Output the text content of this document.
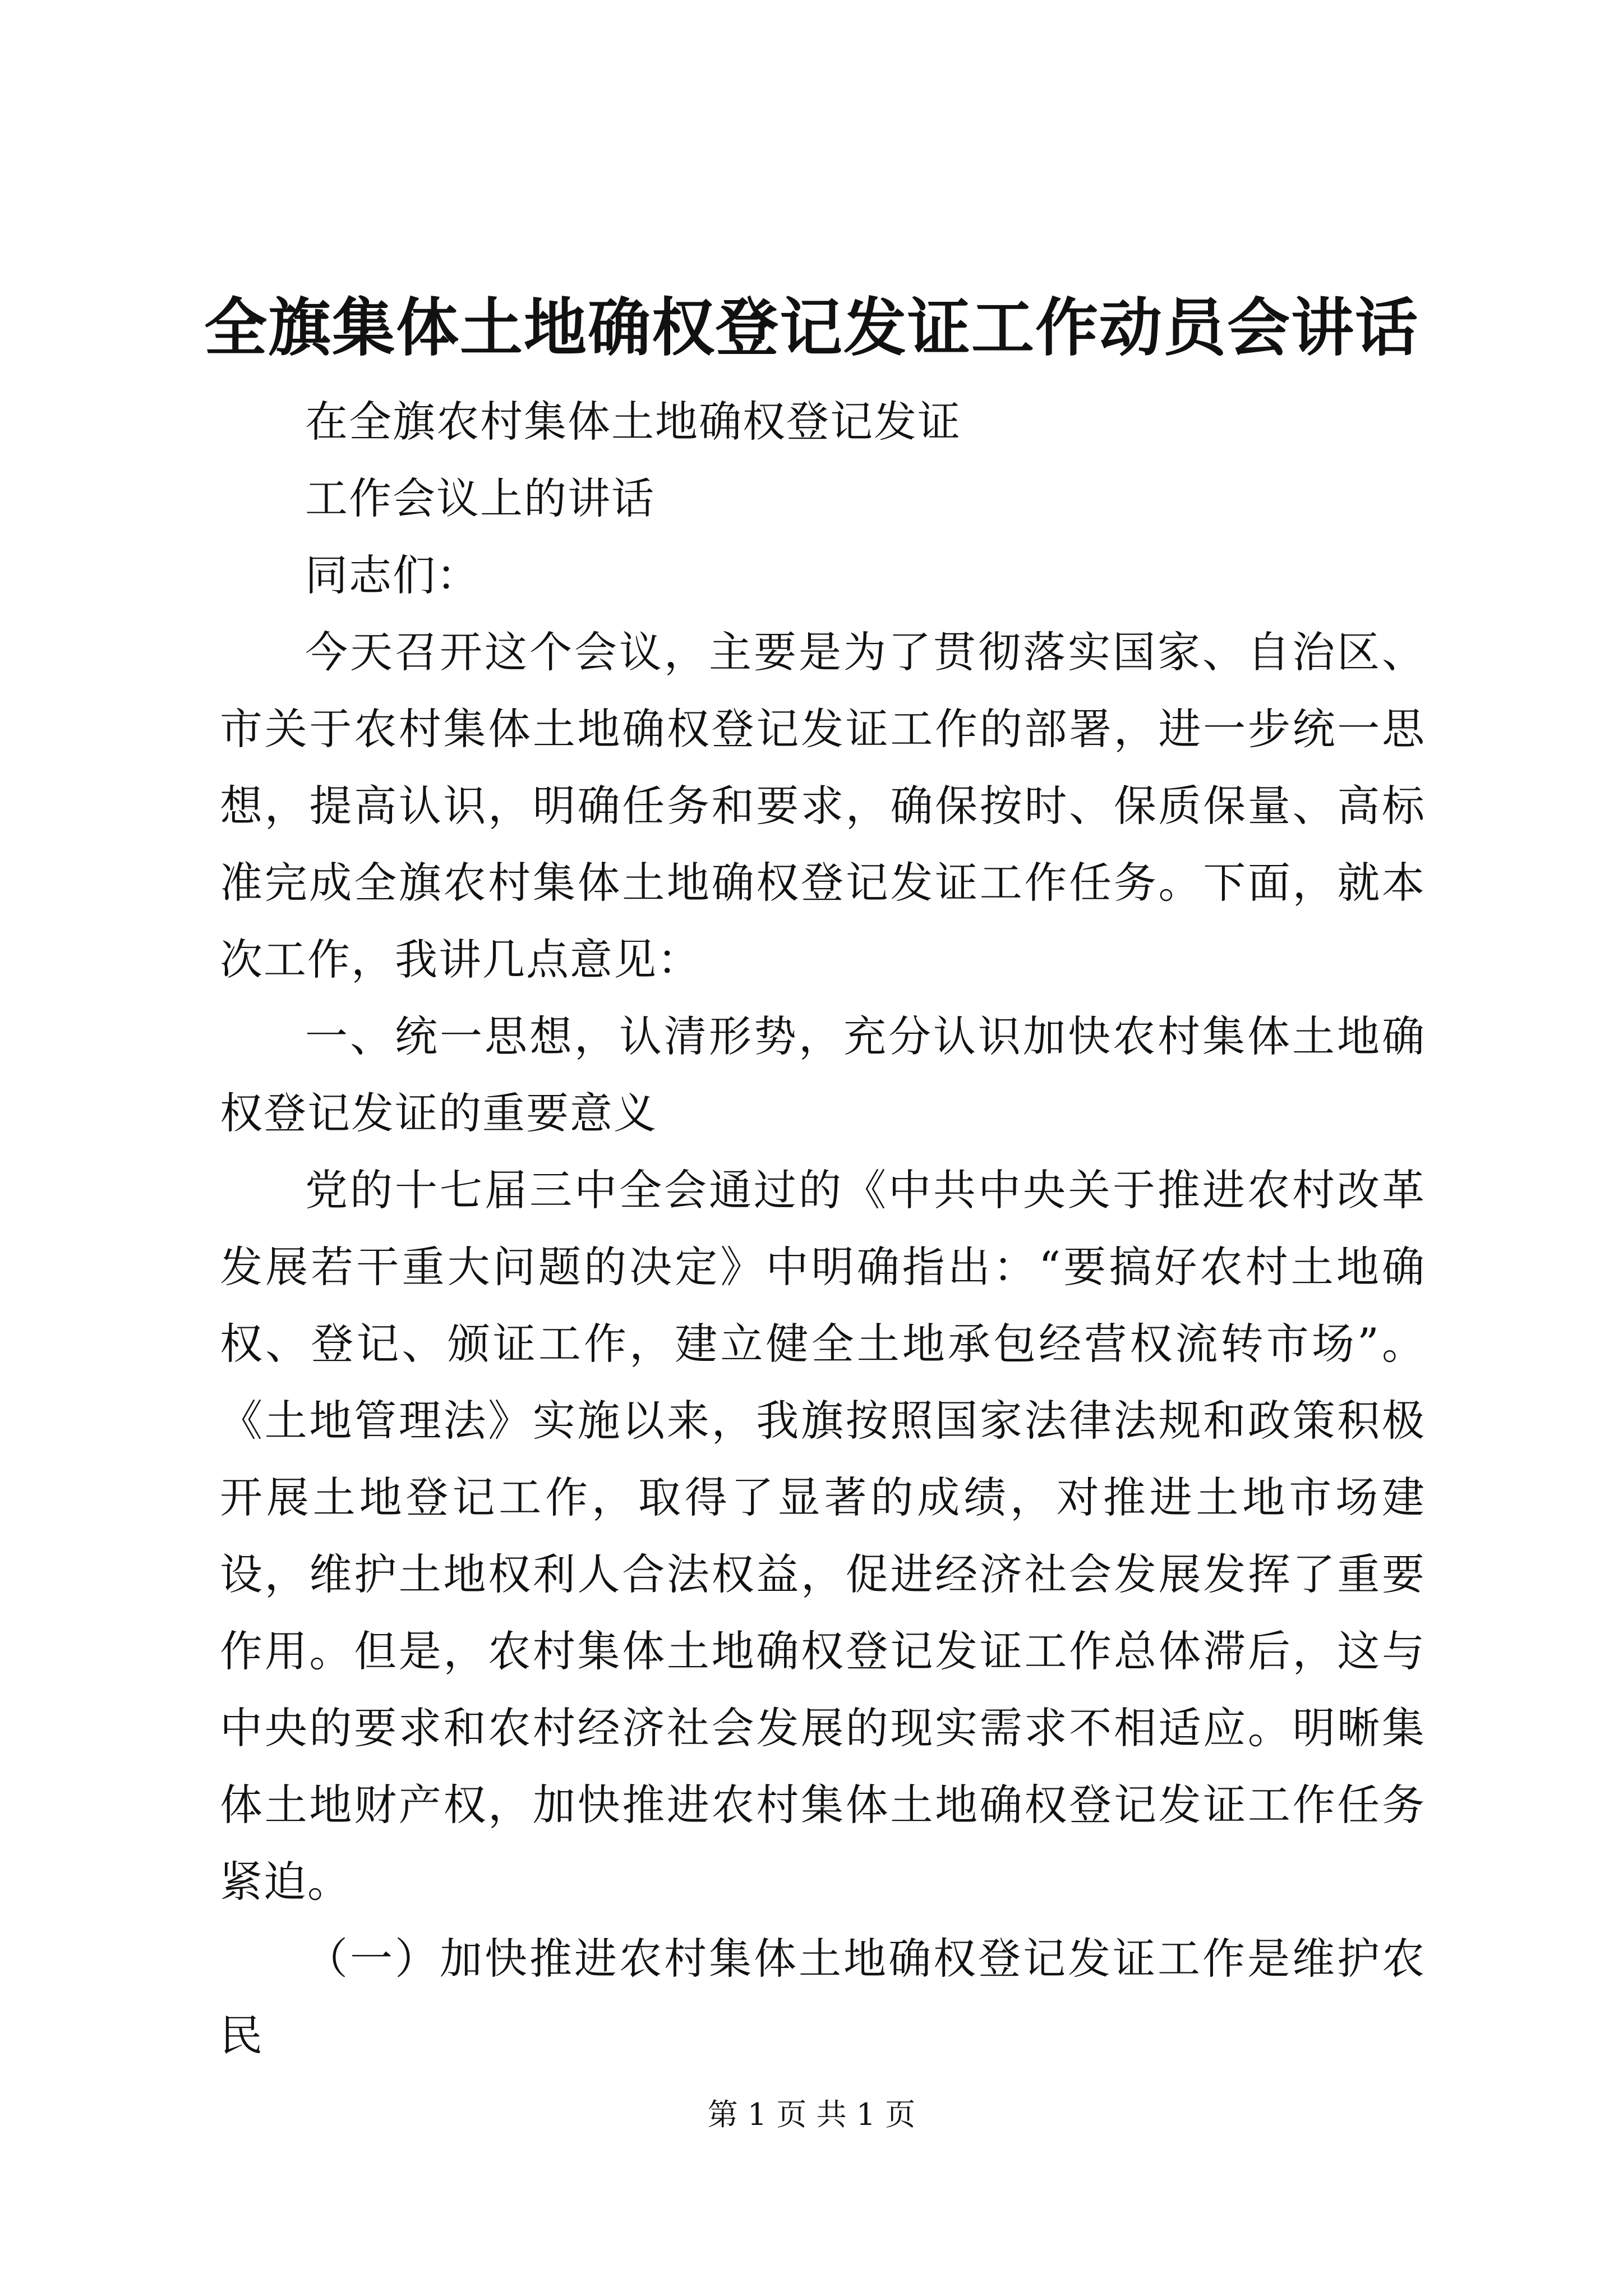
全旗集体土地确权登记发证工作动员会讲话

在全旗农村集体土地确权登记发证

工作会议上的讲话

同志们：

今天召开这个会议，主要是为了贯彻落实国家、自治区、市关于农村集体土地确权登记发证工作的部署，进一步统一思想，提高认识，明确任务和要求，确保按时、保质保量、高标准完成全旗农村集体土地确权登记发证工作任务。下面，就本次工作，我讲几点意见：

一、统一思想，认清形势，充分认识加快农村集体土地确权登记发证的重要意义

党的十七届三中全会通过的《中共中央关于推进农村改革发展若干重大问题的决定》中明确指出：“要搞好农村土地确权、登记、颁证工作，建立健全土地承包经营权流转市场”。《土地管理法》实施以来，我旗按照国家法律法规和政策积极开展土地登记工作，取得了显著的成绩，对推进土地市场建设，维护土地权利人合法权益，促进经济社会发展发挥了重要作用。但是，农村集体土地确权登记发证工作总体滞后，这与中央的要求和农村经济社会发展的现实需求不相适应。明晰集体土地财产权，加快推进农村集体土地确权登记发证工作任务紧迫。

（一）加快推进农村集体土地确权登记发证工作是维护农民

第 1 页 共 1 页
